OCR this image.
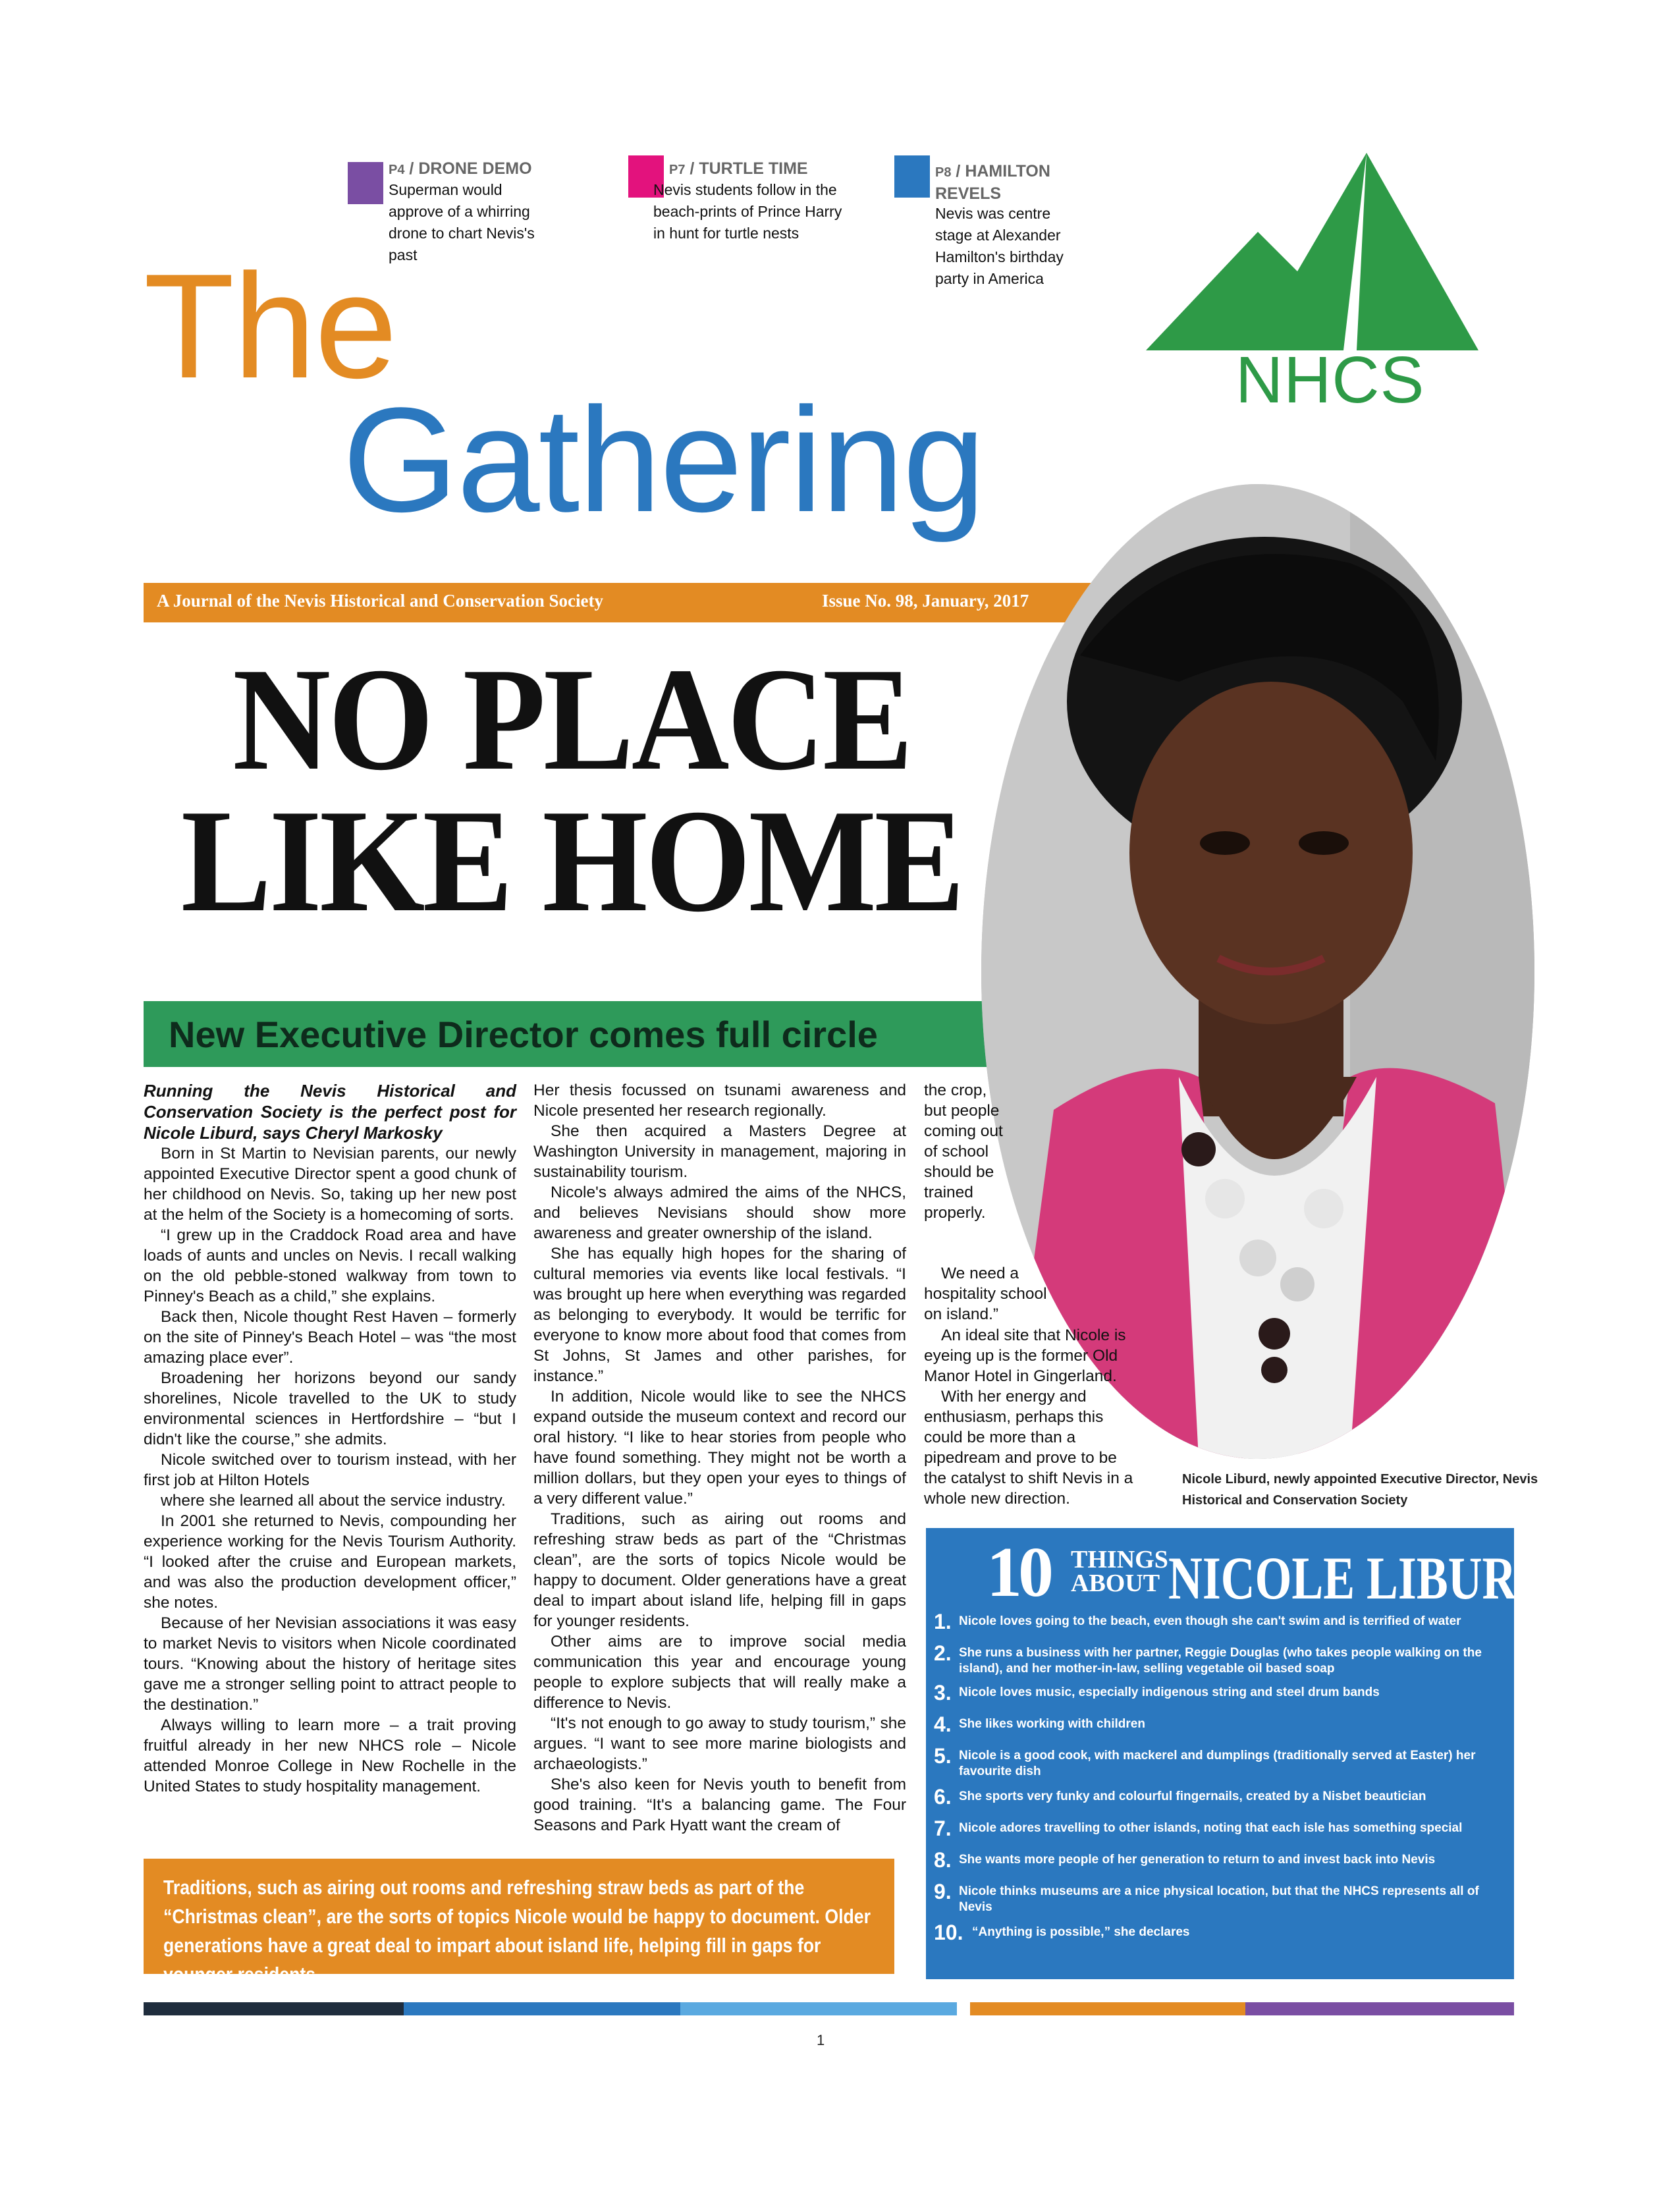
P4 / DRONE DEMO
Superman would approve of a whirring drone to chart Nevis's past
P7 / TURTLE TIME
Nevis students follow in the beach-prints of Prince Harry in hunt for turtle nests
P8 / HAMILTON REVELS
Nevis was centre stage at Alexander Hamilton's birthday party in America
NHCS
The
Gathering
A Journal of the Nevis Historical and Conservation Society	Issue No. 98, January, 2017
NO PLACE
LIKE HOME
New Executive Director comes full circle
Nicole Liburd, newly appointed Executive Director, Nevis Historical and Conservation Society

Running the Nevis Historical and Conservation Society is the perfect post for Nicole Liburd, says Cheryl Markosky

Born in St Martin to Nevisian parents, our newly appointed Executive Director spent a good chunk of her childhood on Nevis. So, taking up her new post at the helm of the Society is a homecoming of sorts.

“I grew up in the Craddock Road area and have loads of aunts and uncles on Nevis. I recall walking on the old pebble-stoned walkway from town to Pinney's Beach as a child,” she explains.

Back then, Nicole thought Rest Haven – formerly on the site of Pinney's Beach Hotel – was “the most amazing place ever”.

Broadening her horizons beyond our sandy shorelines, Nicole travelled to the UK to study environmental sciences in Hertfordshire – “but I didn't like the course,” she admits.

Nicole switched over to tourism instead, with her first job at Hilton Hotels

where she learned all about the service industry.

In 2001 she returned to Nevis, compounding her experience working for the Nevis Tourism Authority. “I looked after the cruise and European markets, and was also the production development officer,” she notes.

Because of her Nevisian associations it was easy to market Nevis to visitors when Nicole coordinated tours. “Knowing about the history of heritage sites gave me a stronger selling point to attract people to the destination.”

Always willing to learn more – a trait proving fruitful already in her new NHCS role – Nicole attended Monroe College in New Rochelle in the United States to study hospitality management.

Her thesis focussed on tsunami awareness and Nicole presented her research regionally.

She then acquired a Masters Degree at Washington University in management, majoring in sustainability tourism.

Nicole's always admired the aims of the NHCS, and believes Nevisians should show more awareness and greater ownership of the island.

She has equally high hopes for the sharing of cultural memories via events like local festivals. “I was brought up here when everything was regarded as belonging to everybody. It would be terrific for everyone to know more about food that comes from St Johns, St James and other parishes, for instance.”

In addition, Nicole would like to see the NHCS expand outside the museum context and record our oral history. “I like to hear stories from people who have found something. They might not be worth a million dollars, but they open your eyes to things of a very different value.”

Traditions, such as airing out rooms and refreshing straw beds as part of the “Christmas clean”, are the sorts of topics Nicole would be happy to document. Older generations have a great deal to impart about island life, helping fill in gaps for younger residents.

Other aims are to improve social media communication this year and encourage young people to explore subjects that will really make a difference to Nevis.

“It's not enough to go away to study tourism,” she argues. “I want to see more marine biologists and archaeologists.”

She's also keen for Nevis youth to benefit from good training. “It's a balancing game. The Four Seasons and Park Hyatt want the cream of

the crop, but people coming out of school should be trained properly.

We need a hospitality school on island.”

An ideal site that Nicole is eyeing up is the former Old Manor Hotel in Gingerland.

With her energy and enthusiasm, perhaps this could be more than a pipedream and prove to be the catalyst to shift Nevis in a whole new direction.

10 THINGS
ABOUT NICOLE LIBURD
1. Nicole loves going to the beach, even though she can't swim and is terrified of water
2. She runs a business with her partner, Reggie Douglas (who takes people walking on the island), and her mother-in-law, selling vegetable oil based soap
3. Nicole loves music, especially indigenous string and steel drum bands
4. She likes working with children
5. Nicole is a good cook, with mackerel and dumplings (traditionally served at Easter) her favourite dish
6. She sports very funky and colourful fingernails, created by a Nisbet beautician
7. Nicole adores travelling to other islands, noting that each isle has something special
8. She wants more people of her generation to return to and invest back into Nevis
9. Nicole thinks museums are a nice physical location, but that the NHCS represents all of Nevis
10. “Anything is possible,” she declares
Traditions, such as airing out rooms and refreshing straw beds as part of the “Christmas clean”, are the sorts of topics Nicole would be happy to document. Older generations have a great deal to impart about island life, helping fill in gaps for younger residents.
1
